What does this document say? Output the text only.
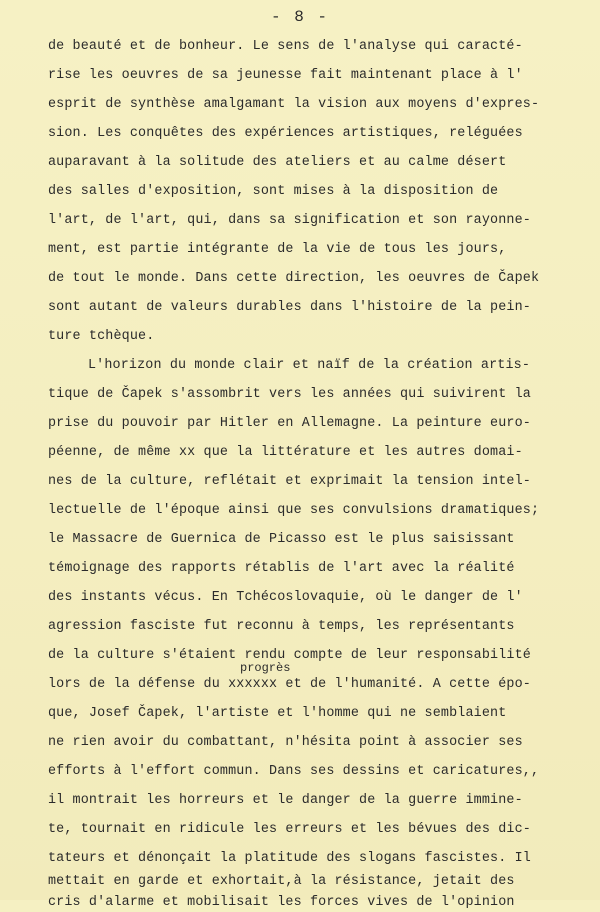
- 8 -
de beauté et de bonheur. Le sens de l'analyse qui caracté-
rise les oeuvres de sa jeunesse fait maintenant place à l'
esprit de synthèse amalgamant la vision aux moyens d'expres-
sion. Les conquêtes des expériences artistiques, reléguées
auparavant à la solitude des ateliers et au calme désert
des salles d'exposition, sont mises à la disposition de
l'art, de l'art, qui, dans sa signification et son rayonne-
ment, est partie intégrante de la vie de tous les jours,
de tout le monde. Dans cette direction, les oeuvres de Čapek
sont autant de valeurs durables dans l'histoire de la pein-
ture tchèque.
L'horizon du monde clair et naïf de la création artis-
tique de Čapek s'assombrit vers les années qui suivirent la
prise du pouvoir par Hitler en Allemagne. La peinture euro-
péenne, de même xx que la littérature et les autres domai-
nes de la culture, reflétait et exprimait la tension intel-
lectuelle de l'époque ainsi que ses convulsions dramatiques;
le Massacre de Guernica de Picasso est le plus saisissant
témoignage des rapports rétablis de l'art avec la réalité
des instants vécus. En Tchécoslovaquie, où le danger de l'
agression fasciste fut reconnu à temps, les représentants
de la culture s'étaient rendu compte de leur responsabilité
progrès
lors de la défense du xxxxxx et de l'humanité. A cette épo-
que, Josef Čapek, l'artiste et l'homme qui ne semblaient
ne rien avoir du combattant, n'hésita point à associer ses
efforts à l'effort commun. Dans ses dessins et caricatures,,
il montrait les horreurs et le danger de la guerre immine-
te, tournait en ridicule les erreurs et les bévues des dic-
tateurs et dénonçait la platitude des slogans fascistes. Il
mettait en garde et exhortait,à la résistance, jetait des
cris d'alarme et mobilisait les forces vives de l'opinion
